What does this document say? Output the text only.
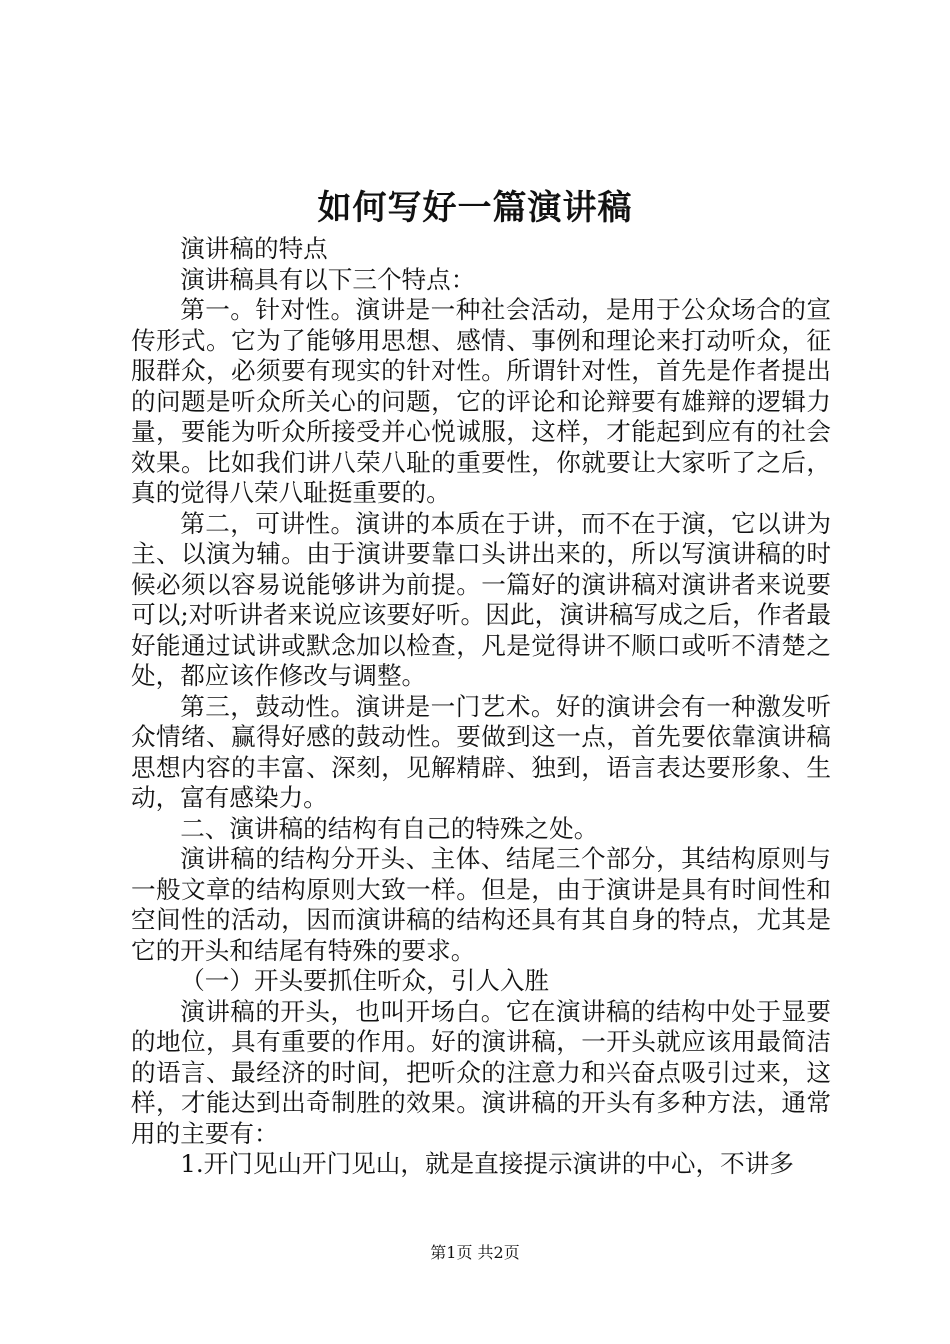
如何写好一篇演讲稿

演讲稿的特点

演讲稿具有以下三个特点：

第一。针对性。演讲是一种社会活动，是用于公众场合的宣传形式。它为了能够用思想、感情、事例和理论来打动听众，征服群众，必须要有现实的针对性。所谓针对性，首先是作者提出的问题是听众所关心的问题，它的评论和论辩要有雄辩的逻辑力量，要能为听众所接受并心悦诚服，这样，才能起到应有的社会效果。比如我们讲八荣八耻的重要性，你就要让大家听了之后，真的觉得八荣八耻挺重要的。

第二，可讲性。演讲的本质在于讲，而不在于演，它以讲为主、以演为辅。由于演讲要靠口头讲出来的，所以写演讲稿的时候必须以容易说能够讲为前提。一篇好的演讲稿对演讲者来说要可以;对听讲者来说应该要好听。因此，演讲稿写成之后，作者最好能通过试讲或默念加以检查，凡是觉得讲不顺口或听不清楚之处，都应该作修改与调整。

第三，鼓动性。演讲是一门艺术。好的演讲会有一种激发听众情绪、赢得好感的鼓动性。要做到这一点，首先要依靠演讲稿思想内容的丰富、深刻，见解精辟、独到，语言表达要形象、生动，富有感染力。

二、演讲稿的结构有自己的特殊之处。

演讲稿的结构分开头、主体、结尾三个部分，其结构原则与一般文章的结构原则大致一样。但是，由于演讲是具有时间性和空间性的活动，因而演讲稿的结构还具有其自身的特点，尤其是它的开头和结尾有特殊的要求。

（一）开头要抓住听众，引人入胜

演讲稿的开头，也叫开场白。它在演讲稿的结构中处于显要的地位，具有重要的作用。好的演讲稿，一开头就应该用最简洁的语言、最经济的时间，把听众的注意力和兴奋点吸引过来，这样，才能达到出奇制胜的效果。演讲稿的开头有多种方法，通常用的主要有：

1.开门见山开门见山，就是直接提示演讲的中心，不讲多

第1页 共2页
